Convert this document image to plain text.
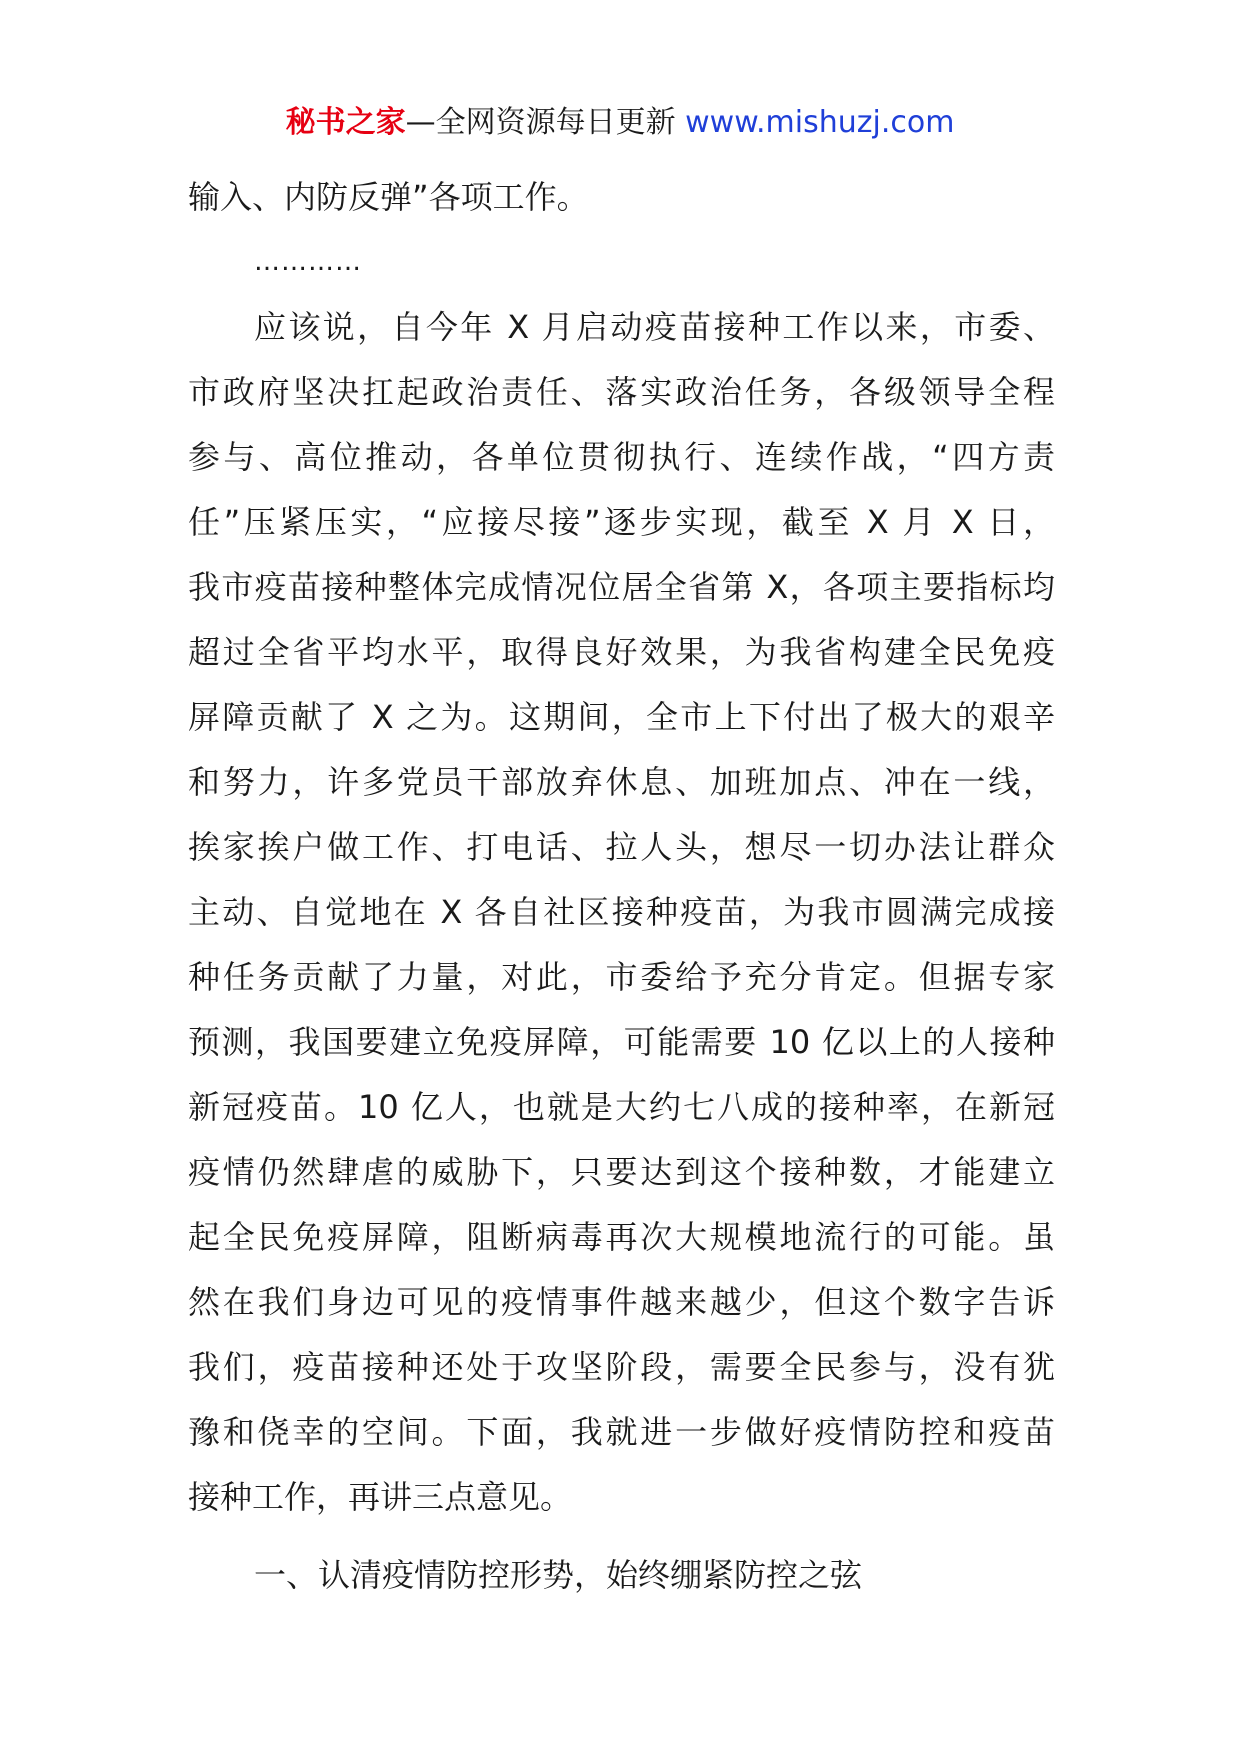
秘书之家—全网资源每日更新 www.mishuzj.com

输入、内防反弹”各项工作。

…………

应该说，自今年 X 月启动疫苗接种工作以来，市委、

市政府坚决扛起政治责任、落实政治任务，各级领导全程

参与、高位推动，各单位贯彻执行、连续作战，“四方责

任”压紧压实，“应接尽接”逐步实现，截至 X 月 X 日，

我市疫苗接种整体完成情况位居全省第 X，各项主要指标均

超过全省平均水平，取得良好效果，为我省构建全民免疫

屏障贡献了 X 之为。这期间，全市上下付出了极大的艰辛

和努力，许多党员干部放弃休息、加班加点、冲在一线，

挨家挨户做工作、打电话、拉人头，想尽一切办法让群众

主动、自觉地在 X 各自社区接种疫苗，为我市圆满完成接

种任务贡献了力量，对此，市委给予充分肯定。但据专家

预测，我国要建立免疫屏障，可能需要 10 亿以上的人接种

新冠疫苗。10 亿人，也就是大约七八成的接种率，在新冠

疫情仍然肆虐的威胁下，只要达到这个接种数，才能建立

起全民免疫屏障，阻断病毒再次大规模地流行的可能。虽

然在我们身边可见的疫情事件越来越少，但这个数字告诉

我们，疫苗接种还处于攻坚阶段，需要全民参与，没有犹

豫和侥幸的空间。下面，我就进一步做好疫情防控和疫苗

接种工作，再讲三点意见。

一、认清疫情防控形势，始终绷紧防控之弦
